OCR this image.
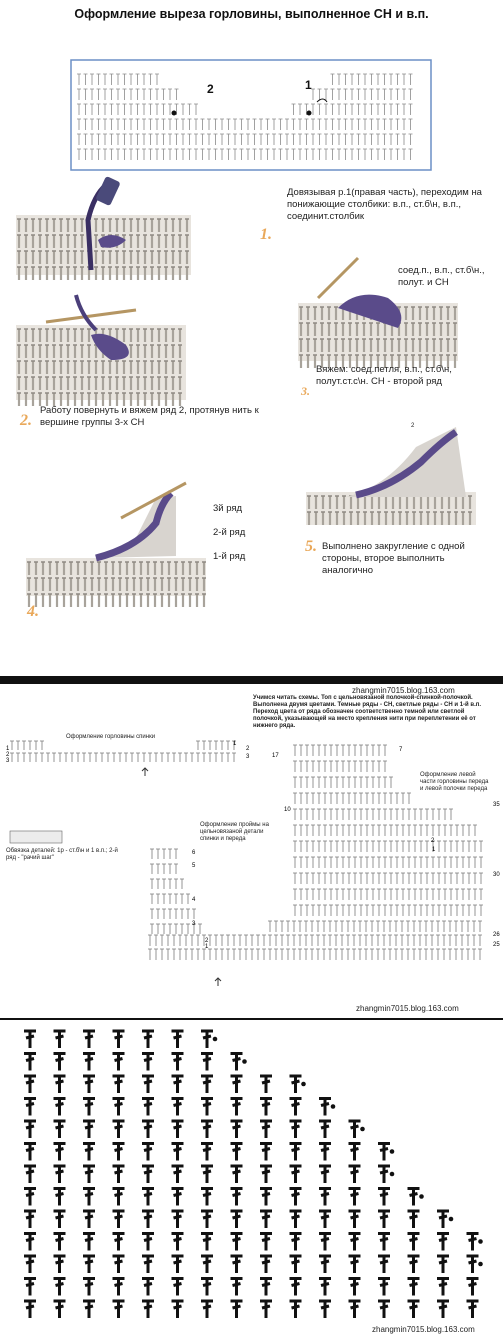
Оформление выреза горловины, выполненное СН и в.п.
2	1
1.
Довязывая р.1(правая часть), переходим на понижающие столбики: в.п., ст.б\н, в.п., соединит.столбик
2.
Работу повернуть и вяжем ряд 2, протянув нить к вершине группы 3-х СН
соед.п., в.п., ст.б\н., полут. и СН
Вяжем: соед.петля, в.п., ст.б\н, полут.ст.с\н. СН - второй ряд
3.
3й ряд
2-й ряд
1-й ряд
4.
2
5. Выполнено закругление с одной стороны, второе выполнить аналогично
zhangmin7015.blog.163.com
Учимся читать схемы. Топ с цельновязаной полочкой-спинкой-полочкой. Выполнена двумя цветами. Темные ряды - СН, светлые ряды - СН и 1-й в.п. Переход цвета от ряда обозначен соответственно темной или светлой полочкой, указывающей на место крепления нити при переплетении её от нижнего ряда.
Оформление горловины спинки
Оформление проймы на цельновязаной детали спинки и переда
Оформление левой части горловины переда и левой полочки переда
Обвязка деталей: 1р - ст.б\н и 1 в.п.; 2-й ряд - "рачий шаг"
1
2
3
1
2
3
6
5
4
3
2
1
7
17
2
1
10
35
30
26
25
zhangmin7015.blog.163.com
zhangmin7015.blog.163.com
